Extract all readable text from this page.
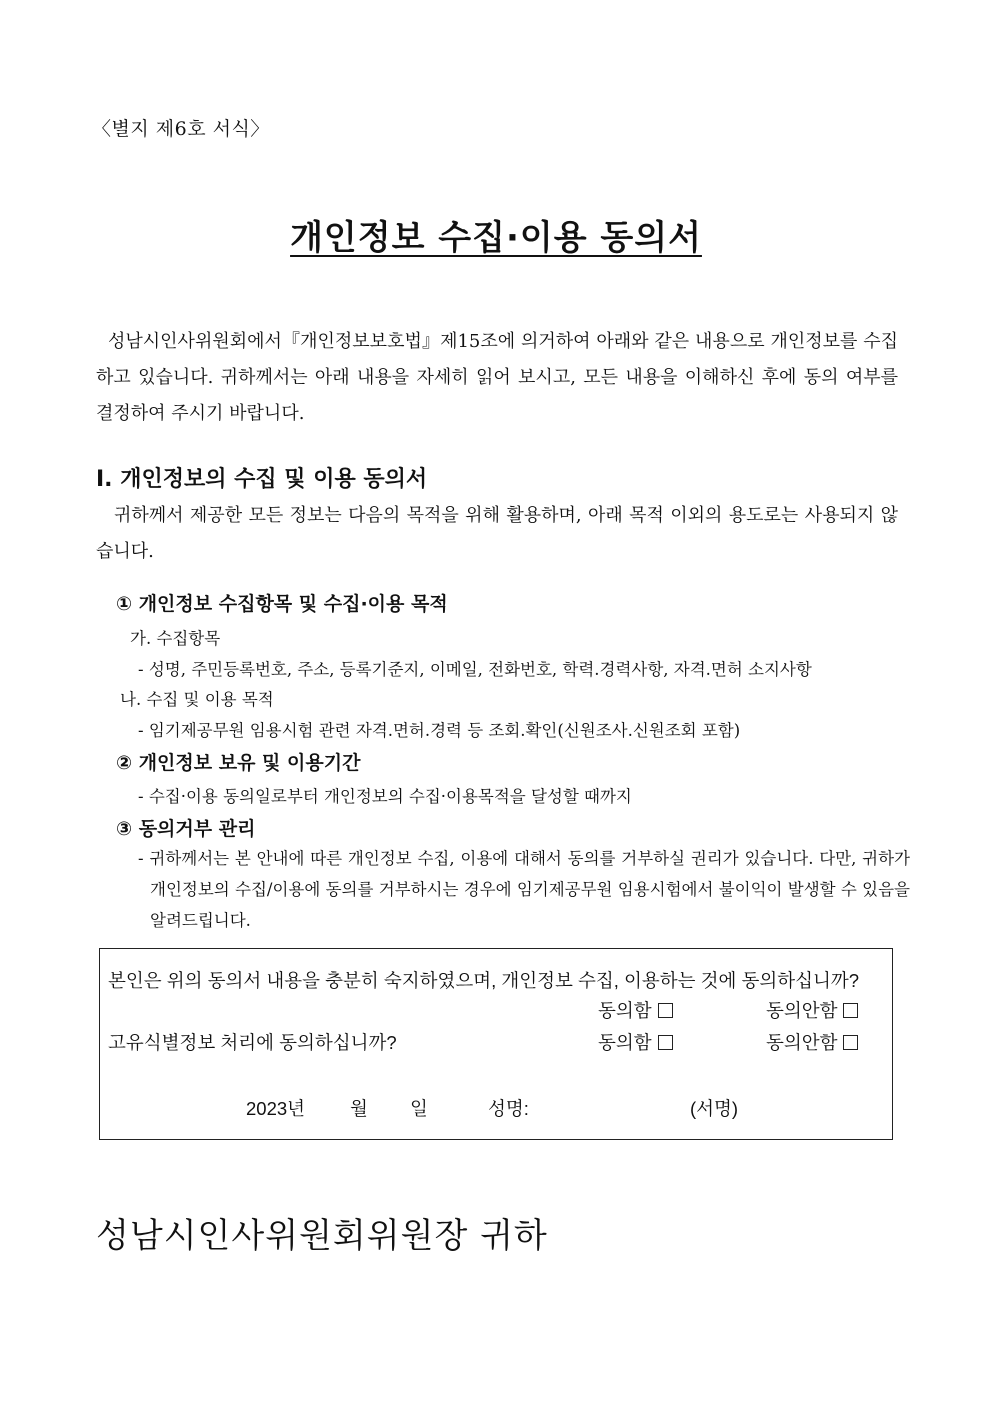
〈별지 제6호 서식〉
개인정보 수집·이용 동의서
성남시인사위원회에서『개인정보보호법』제15조에 의거하여 아래와 같은 내용으로 개인정보를 수집하고 있습니다. 귀하께서는 아래 내용을 자세히 읽어 보시고, 모든 내용을 이해하신 후에 동의 여부를 결정하여 주시기 바랍니다.
Ⅰ. 개인정보의 수집 및 이용 동의서
귀하께서 제공한 모든 정보는 다음의 목적을 위해 활용하며, 아래 목적 이외의 용도로는 사용되지 않습니다.
① 개인정보 수집항목 및 수집·이용 목적
가. 수집항목
- 성명, 주민등록번호, 주소, 등록기준지, 이메일, 전화번호, 학력.경력사항, 자격.면허 소지사항
나. 수집 및 이용 목적
- 임기제공무원 임용시험 관련 자격.면허.경력 등 조회.확인(신원조사.신원조회 포함)
② 개인정보 보유 및 이용기간
- 수집·이용 동의일로부터 개인정보의 수집·이용목적을 달성할 때까지
③ 동의거부 관리
- 귀하께서는 본 안내에 따른 개인정보 수집, 이용에 대해서 동의를 거부하실 권리가 있습니다. 다만, 귀하가 개인정보의 수집/이용에 동의를 거부하시는 경우에 임기제공무원 임용시험에서 불이익이 발생할 수 있음을 알려드립니다.
본인은 위의 동의서 내용을 충분히 숙지하였으며, 개인정보 수집, 이용하는 것에 동의하십니까?
동의함	동의안함
고유식별정보 처리에 동의하십니까?	동의함	동의안함
2023년 월 일	성명:	(서명)
성남시인사위원회위원장 귀하
